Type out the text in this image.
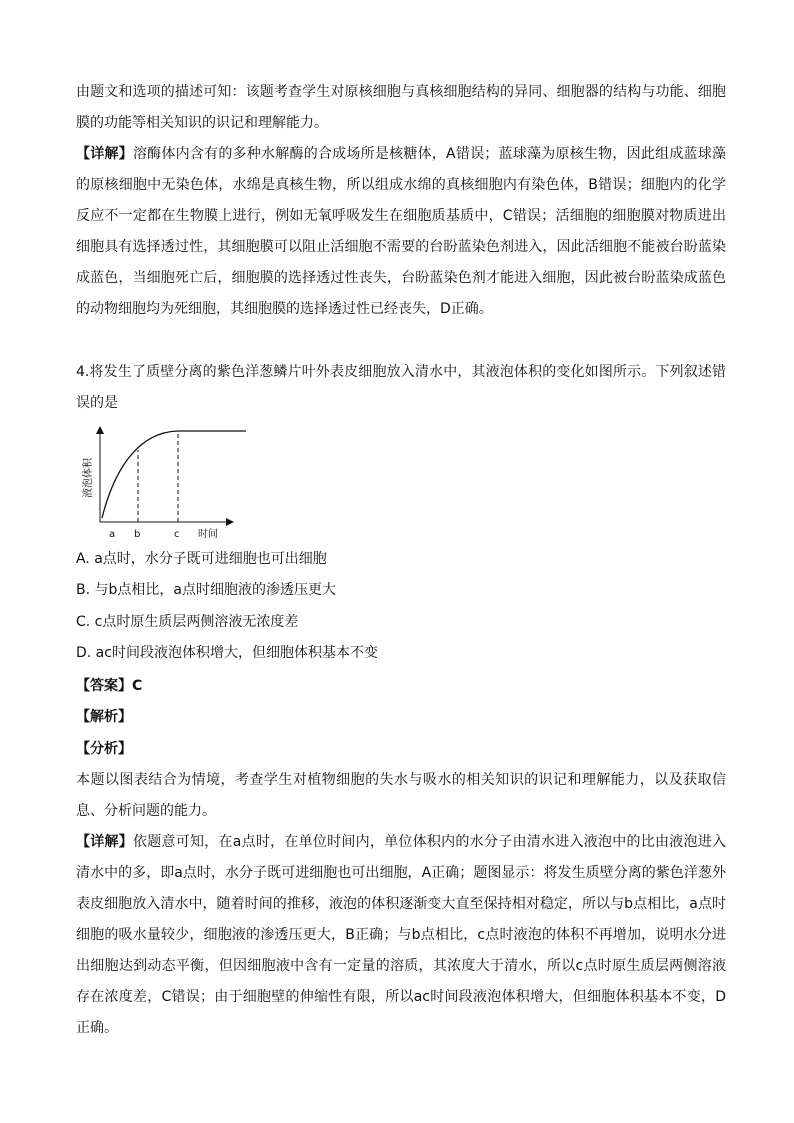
由题文和选项的描述可知：该题考查学生对原核细胞与真核细胞结构的异同、细胞器的结构与功能、细胞膜的功能等相关知识的识记和理解能力。

【详解】溶酶体内含有的多种水解酶的合成场所是核糖体，A错误；蓝球藻为原核生物，因此组成蓝球藻的原核细胞中无染色体，水绵是真核生物，所以组成水绵的真核细胞内有染色体，B错误；细胞内的化学反应不一定都在生物膜上进行，例如无氧呼吸发生在细胞质基质中，C错误；活细胞的细胞膜对物质进出细胞具有选择透过性，其细胞膜可以阻止活细胞不需要的台盼蓝染色剂进入，因此活细胞不能被台盼蓝染成蓝色，当细胞死亡后，细胞膜的选择透过性丧失，台盼蓝染色剂才能进入细胞，因此被台盼蓝染成蓝色的动物细胞均为死细胞，其细胞膜的选择透过性已经丧失，D正确。

4.将发生了质壁分离的紫色洋葱鳞片叶外表皮细胞放入清水中，其液泡体积的变化如图所示。下列叙述错误的是

a b	c 时间
液泡体积
A. a点时，水分子既可进细胞也可出细胞
B. 与b点相比，a点时细胞液的渗透压更大
C. c点时原生质层两侧溶液无浓度差
D. ac时间段液泡体积增大，但细胞体积基本不变
【答案】C
【解析】
【分析】

本题以图表结合为情境，考查学生对植物细胞的失水与吸水的相关知识的识记和理解能力，以及获取信息、分析问题的能力。

【详解】依题意可知，在a点时，在单位时间内，单位体积内的水分子由清水进入液泡中的比由液泡进入清水中的多，即a点时，水分子既可进细胞也可出细胞，A正确；题图显示：将发生质壁分离的紫色洋葱外表皮细胞放入清水中，随着时间的推移，液泡的体积逐渐变大直至保持相对稳定，所以与b点相比，a点时细胞的吸水量较少，细胞液的渗透压更大，B正确；与b点相比，c点时液泡的体积不再增加，说明水分进出细胞达到动态平衡，但因细胞液中含有一定量的溶质，其浓度大于清水，所以c点时原生质层两侧溶液存在浓度差，C错误；由于细胞壁的伸缩性有限，所以ac时间段液泡体积增大，但细胞体积基本不变，D正确。
